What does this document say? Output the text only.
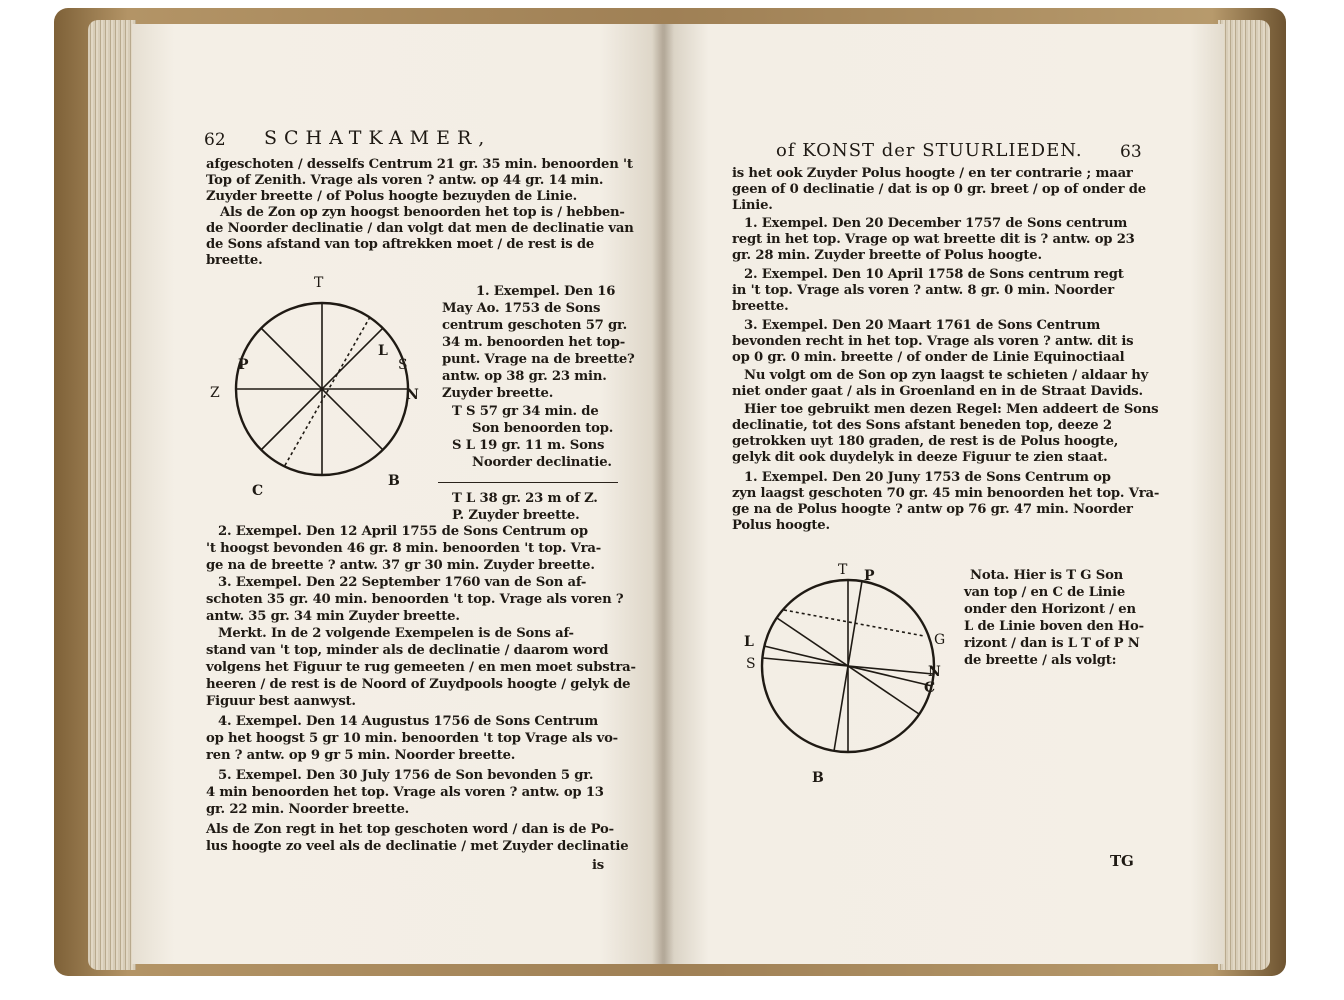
62 SCHATKAMER,

afgeschoten / desselfs Centrum 21 gr. 35 min. benoorden 't

Top of Zenith. Vrage als voren ? antw. op 44 gr. 14 min.

Zuyder breette / of Polus hoogte bezuyden de Linie.

Als de Zon op zyn hoogst benoorden het top is / hebben-

de Noorder declinatie / dan volgt dat men de declinatie van

de Sons afstand van top aftrekken moet / de rest is de

breette.

T
P
L
S
Z	N
C
B

1. Exempel. Den 16

May Ao. 1753 de Sons

centrum geschoten 57 gr.

34 m. benoorden het top-

punt. Vrage na de breette?

antw. op 38 gr. 23 min.

Zuyder breette.

T S 57 gr 34 min. de

Son benoorden top.

S L 19 gr. 11 m. Sons

Noorder declinatie.

T L 38 gr. 23 m of Z.

P. Zuyder breette.

2. Exempel. Den 12 April 1755 de Sons Centrum op

't hoogst bevonden 46 gr. 8 min. benoorden 't top. Vra-

ge na de breette ? antw. 37 gr 30 min. Zuyder breette.

3. Exempel. Den 22 September 1760 van de Son af-

schoten 35 gr. 40 min. benoorden 't top. Vrage als voren ?

antw. 35 gr. 34 min Zuyder breette.

Merkt. In de 2 volgende Exempelen is de Sons af-

stand van 't top, minder als de declinatie / daarom word

volgens het Figuur te rug gemeeten / en men moet substra-

heeren / de rest is de Noord of Zuydpools hoogte / gelyk de

Figuur best aanwyst.

4. Exempel. Den 14 Augustus 1756 de Sons Centrum

op het hoogst 5 gr 10 min. benoorden 't top Vrage als vo-

ren ? antw. op 9 gr 5 min. Noorder breette.

5. Exempel. Den 30 July 1756 de Son bevonden 5 gr.

4 min benoorden het top. Vrage als voren ? antw. op 13

gr. 22 min. Noorder breette.

Als de Zon regt in het top geschoten word / dan is de Po-

lus hoogte zo veel als de declinatie / met Zuyder declinatie

is

of KONST der STUURLIEDEN. 63

is het ook Zuyder Polus hoogte / en ter contrarie ; maar

geen of 0 declinatie / dat is op 0 gr. breet / op of onder de

Linie.

1. Exempel. Den 20 December 1757 de Sons centrum

regt in het top. Vrage op wat breette dit is ? antw. op 23

gr. 28 min. Zuyder breette of Polus hoogte.

2. Exempel. Den 10 April 1758 de Sons centrum regt

in 't top. Vrage als voren ? antw. 8 gr. 0 min. Noorder

breette.

3. Exempel. Den 20 Maart 1761 de Sons Centrum

bevonden recht in het top. Vrage als voren ? antw. dit is

op 0 gr. 0 min. breette / of onder de Linie Equinoctiaal

Nu volgt om de Son op zyn laagst te schieten / aldaar hy

niet onder gaat / als in Groenland en in de Straat Davids.

Hier toe gebruikt men dezen Regel: Men addeert de Sons

declinatie, tot des Sons afstant beneden top, deeze 2

getrokken uyt 180 graden, de rest is de Polus hoogte,

gelyk dit ook duydelyk in deeze Figuur te zien staat.

1. Exempel. Den 20 Juny 1753 de Sons Centrum op

zyn laagst geschoten 70 gr. 45 min benoorden het top. Vra-

ge na de Polus hoogte ? antw op 76 gr. 47 min. Noorder

Polus hoogte.

T P
L
S
G
N
C
B

Nota. Hier is T G Son

van top / en C de Linie

onder den Horizont / en

L de Linie boven den Ho-

rizont / dan is L T of P N

de breette / als volgt:

TG
